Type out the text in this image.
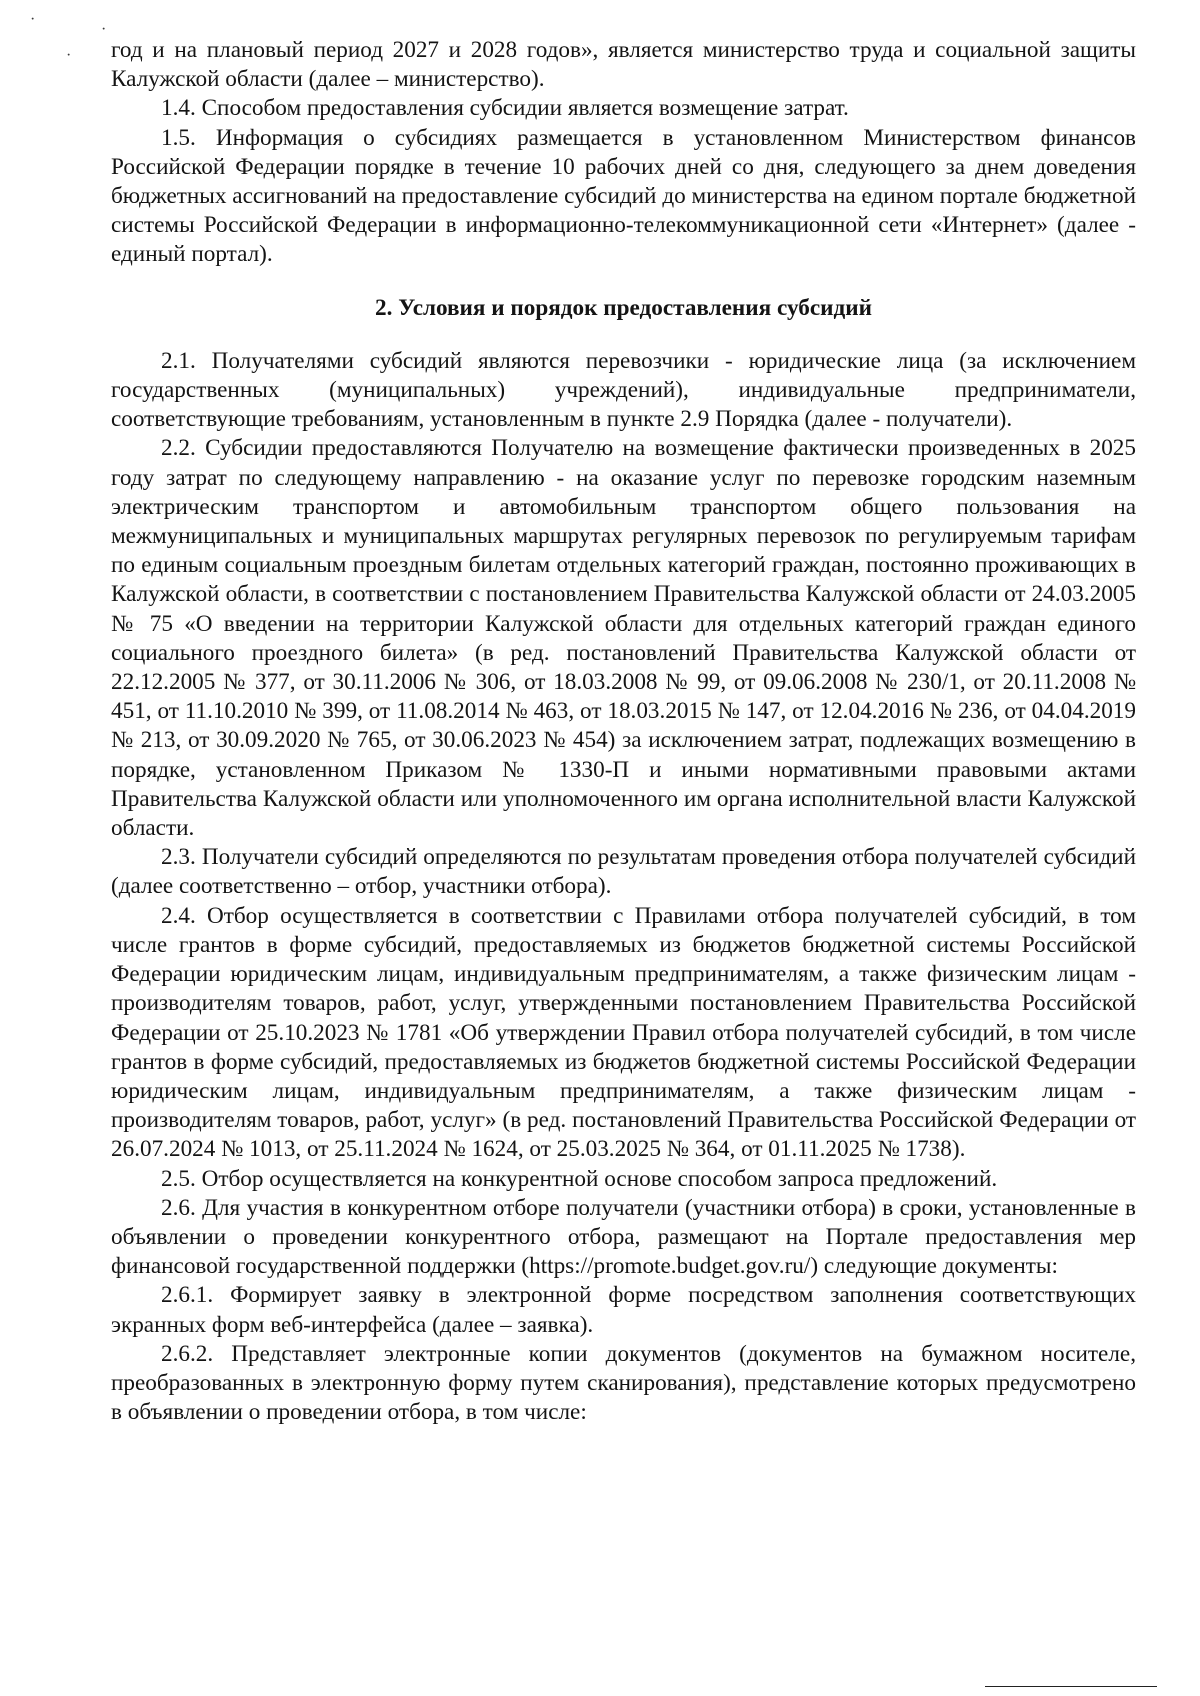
·
·
·

год и на плановый период 2027 и 2028 годов», является министерство труда и социальной защиты Калужской области (далее – министерство).

1.4. Способом предоставления субсидии является возмещение затрат.

1.5. Информация о субсидиях размещается в установленном Министерством финансов Российской Федерации порядке в течение 10 рабочих дней со дня, следующего за днем доведения бюджетных ассигнований на предоставление субсидий до министерства на едином портале бюджетной системы Российской Федерации в информационно-телекоммуникационной сети «Интернет» (далее - единый портал).

2. Условия и порядок предоставления субсидий

2.1. Получателями субсидий являются перевозчики - юридические лица (за исключением государственных (муниципальных) учреждений), индивидуальные предприниматели, соответствующие требованиям, установленным в пункте 2.9 Порядка (далее - получатели).

2.2. Субсидии предоставляются Получателю на возмещение фактически произведенных в 2025 году затрат по следующему направлению - на оказание услуг по перевозке городским наземным электрическим транспортом и автомобильным транспортом общего пользования на межмуниципальных и муниципальных маршрутах регулярных перевозок по регулируемым тарифам по единым социальным проездным билетам отдельных категорий граждан, постоянно проживающих в Калужской области, в соответствии с постановлением Правительства Калужской области от 24.03.2005 № 75 «О введении на территории Калужской области для отдельных категорий граждан единого социального проездного билета» (в ред. постановлений Правительства Калужской области от 22.12.2005 № 377, от 30.11.2006 № 306, от 18.03.2008 № 99, от 09.06.2008 № 230/1, от 20.11.2008 № 451, от 11.10.2010 № 399, от 11.08.2014 № 463, от 18.03.2015 № 147, от 12.04.2016 № 236, от 04.04.2019 № 213, от 30.09.2020 № 765, от 30.06.2023 № 454) за исключением затрат, подлежащих возмещению в порядке, установленном Приказом № 1330-П и иными нормативными правовыми актами Правительства Калужской области или уполномоченного им органа исполнительной власти Калужской области.

2.3. Получатели субсидий определяются по результатам проведения отбора получателей субсидий (далее соответственно – отбор, участники отбора).

2.4. Отбор осуществляется в соответствии с Правилами отбора получателей субсидий, в том числе грантов в форме субсидий, предоставляемых из бюджетов бюджетной системы Российской Федерации юридическим лицам, индивидуальным предпринимателям, а также физическим лицам - производителям товаров, работ, услуг, утвержденными постановлением Правительства Российской Федерации от 25.10.2023 № 1781 «Об утверждении Правил отбора получателей субсидий, в том числе грантов в форме субсидий, предоставляемых из бюджетов бюджетной системы Российской Федерации юридическим лицам, индивидуальным предпринимателям, а также физическим лицам - производителям товаров, работ, услуг» (в ред. постановлений Правительства Российской Федерации от 26.07.2024 № 1013, от 25.11.2024 № 1624, от 25.03.2025 № 364, от 01.11.2025 № 1738).

2.5. Отбор осуществляется на конкурентной основе способом запроса предложений.

2.6. Для участия в конкурентном отборе получатели (участники отбора) в сроки, установленные в объявлении о проведении конкурентного отбора, размещают на Портале предоставления мер финансовой государственной поддержки (https://promote.budget.gov.ru/) следующие документы:

2.6.1. Формирует заявку в электронной форме посредством заполнения соответствующих экранных форм веб-интерфейса (далее – заявка).

2.6.2. Представляет электронные копии документов (документов на бумажном носителе, преобразованных в электронную форму путем сканирования), представление которых предусмотрено в объявлении о проведении отбора, в том числе:
